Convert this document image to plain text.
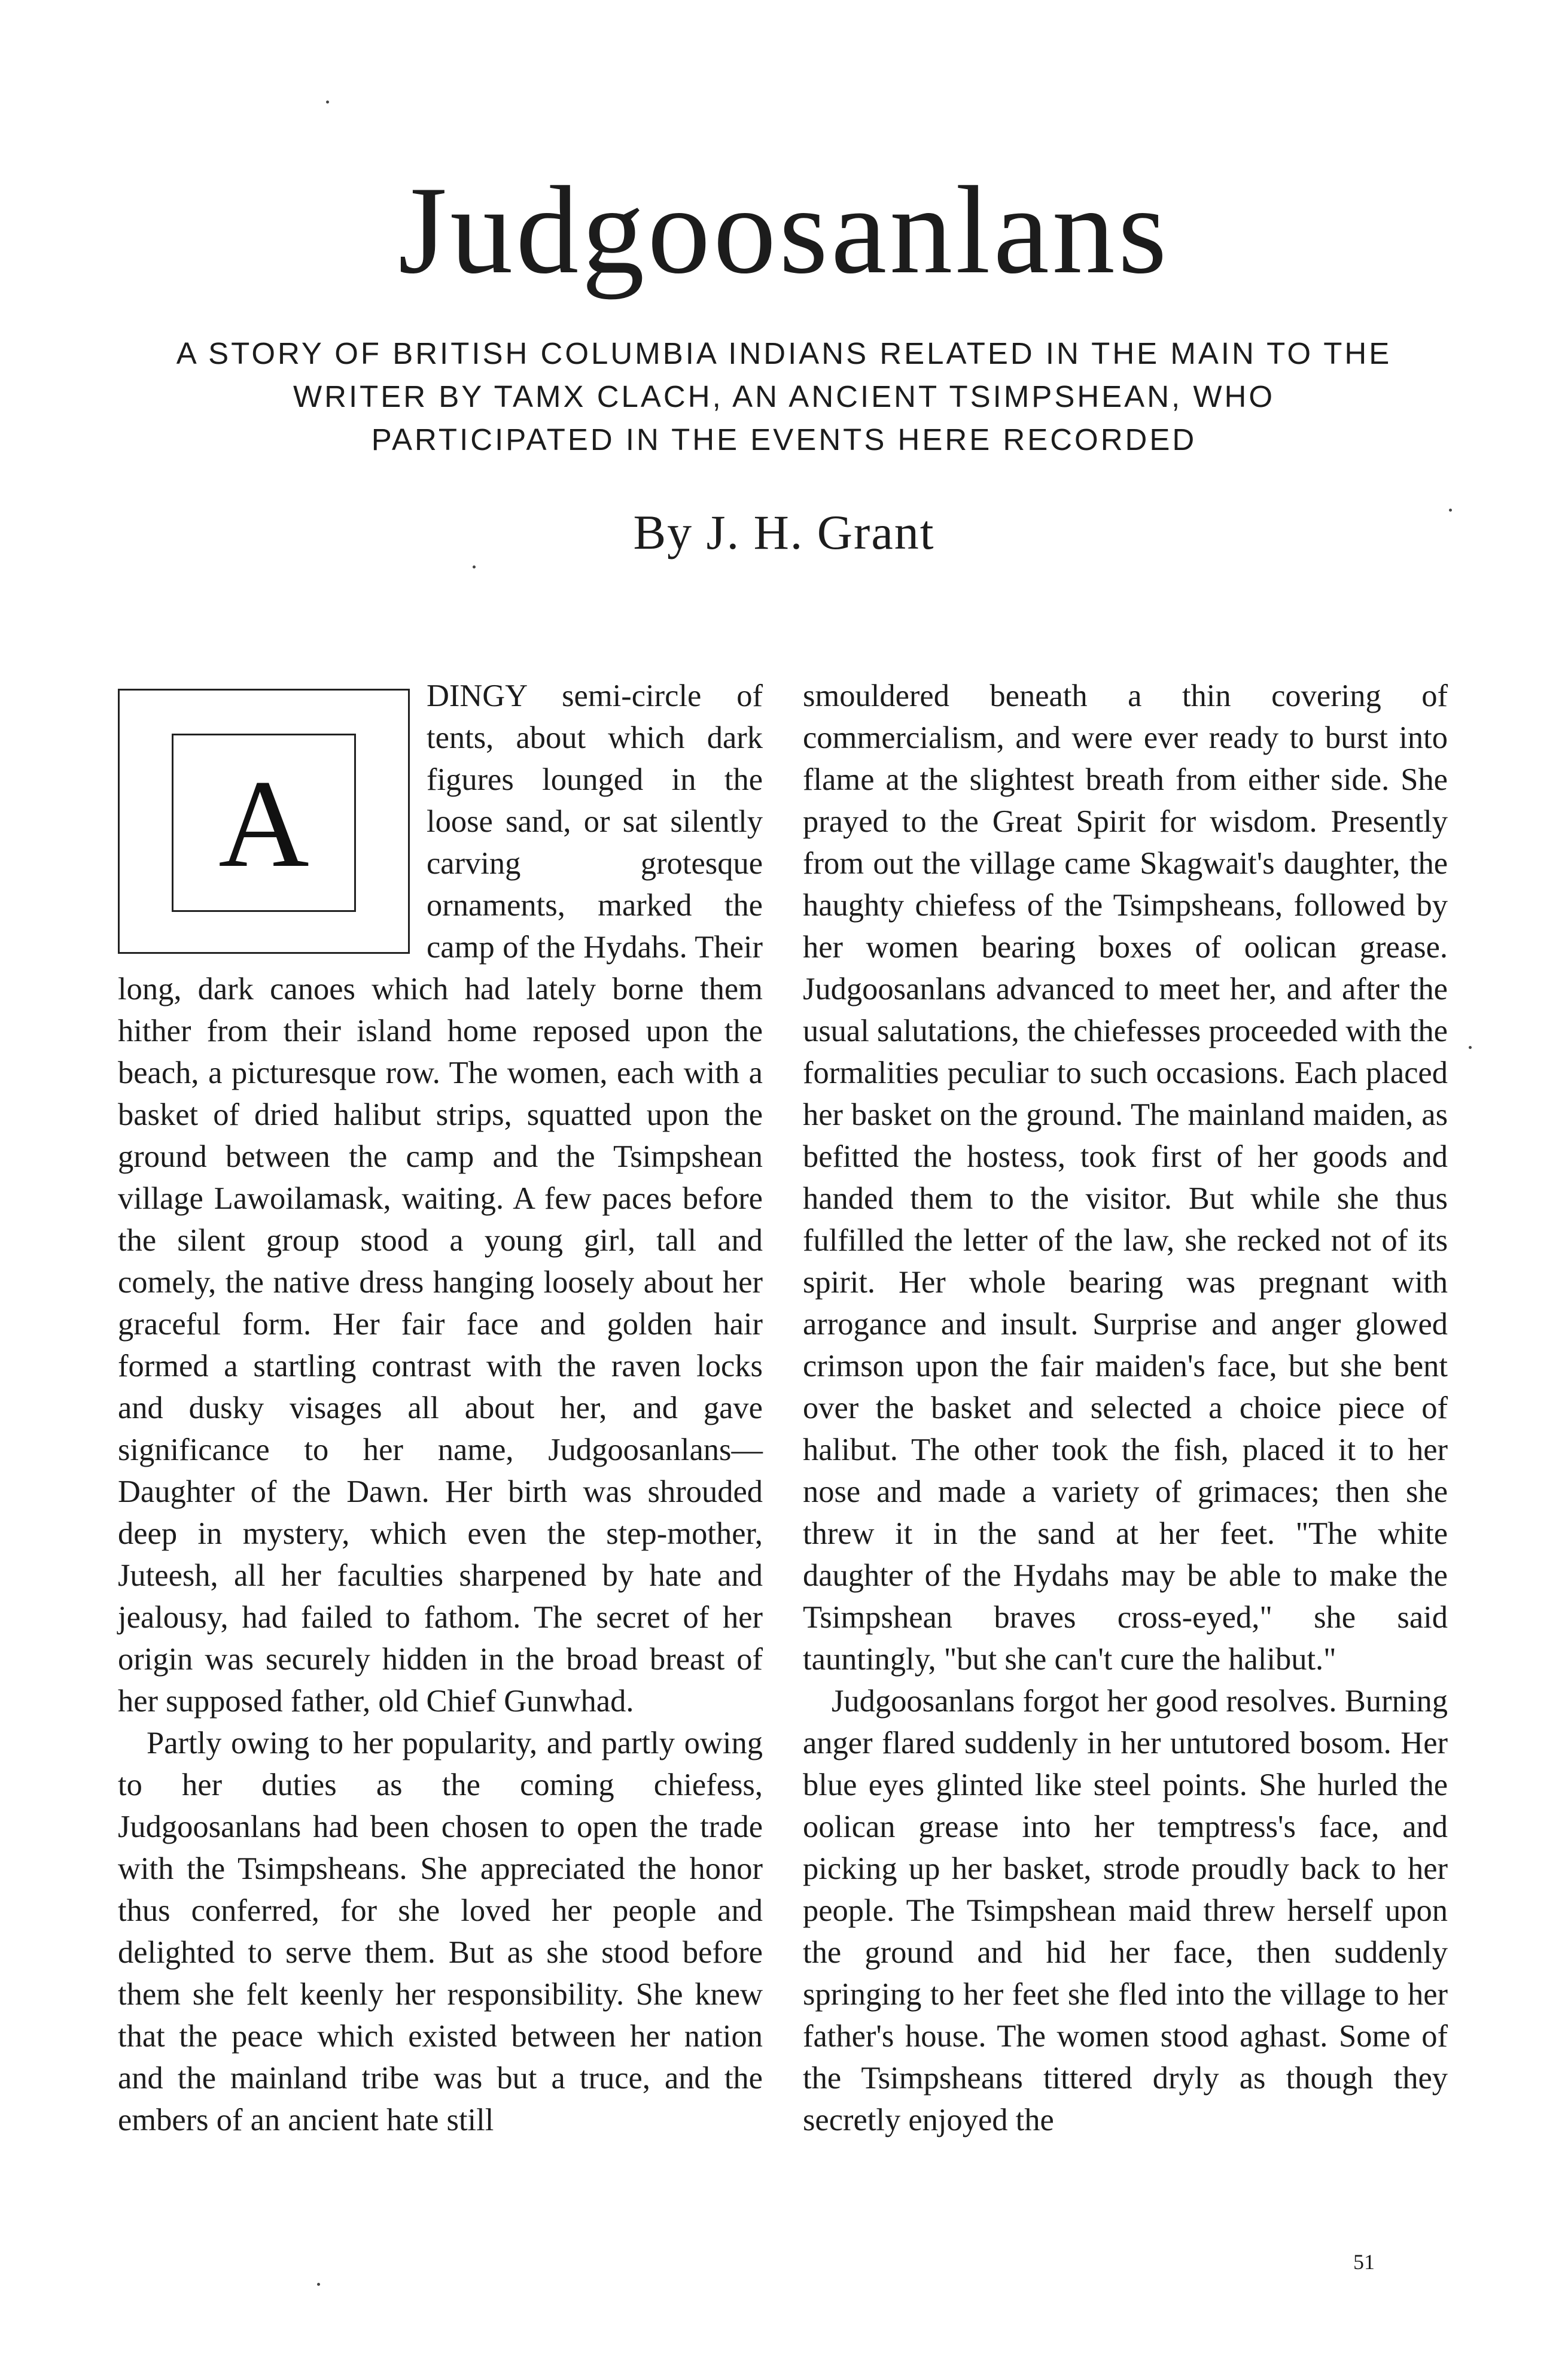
Judgoosanlans
A STORY OF BRITISH COLUMBIA INDIANS RELATED IN THE MAIN TO THE
WRITER BY TAMX CLACH, AN ANCIENT TSIMPSHEAN, WHO
PARTICIPATED IN THE EVENTS HERE RECORDED
By J. H. Grant
A

DINGY semi-circle of tents, about which dark figures lounged in the loose sand, or sat silently carving grotesque ornaments, marked the camp of the Hydahs. Their long, dark canoes which had lately borne them hither from their island home reposed upon the beach, a picturesque row. The women, each with a basket of dried halibut strips, squatted upon the ground between the camp and the Tsimpshean village Lawoilamask, waiting. A few paces before the silent group stood a young girl, tall and comely, the native dress hanging loosely about her graceful form. Her fair face and golden hair formed a startling contrast with the raven locks and dusky visages all about her, and gave significance to her name, Judgoosanlans—Daughter of the Dawn. Her birth was shrouded deep in mystery, which even the step-mother, Juteesh, all her faculties sharpened by hate and jealousy, had failed to fathom. The secret of her origin was securely hidden in the broad breast of her supposed father, old Chief Gunwhad.

Partly owing to her popularity, and partly owing to her duties as the coming chiefess, Judgoosanlans had been chosen to open the trade with the Tsimpsheans. She appreciated the honor thus conferred, for she loved her people and delighted to serve them. But as she stood before them she felt keenly her responsibility. She knew that the peace which existed between her nation and the mainland tribe was but a truce, and the embers of an ancient hate still

smouldered beneath a thin covering of commercialism, and were ever ready to burst into flame at the slightest breath from either side. She prayed to the Great Spirit for wisdom. Presently from out the village came Skagwait's daughter, the haughty chiefess of the Tsimpsheans, followed by her women bearing boxes of oolican grease. Judgoosanlans advanced to meet her, and after the usual salutations, the chiefesses proceeded with the formalities peculiar to such occasions. Each placed her basket on the ground. The mainland maiden, as befitted the hostess, took first of her goods and handed them to the visitor. But while she thus fulfilled the letter of the law, she recked not of its spirit. Her whole bearing was pregnant with arrogance and insult. Surprise and anger glowed crimson upon the fair maiden's face, but she bent over the basket and selected a choice piece of halibut. The other took the fish, placed it to her nose and made a variety of grimaces; then she threw it in the sand at her feet. "The white daughter of the Hydahs may be able to make the Tsimpshean braves cross-eyed," she said tauntingly, "but she can't cure the halibut."

Judgoosanlans forgot her good resolves. Burning anger flared suddenly in her untutored bosom. Her blue eyes glinted like steel points. She hurled the oolican grease into her temptress's face, and picking up her basket, strode proudly back to her people. The Tsimpshean maid threw herself upon the ground and hid her face, then suddenly springing to her feet she fled into the village to her father's house. The women stood aghast. Some of the Tsimpsheans tittered dryly as though they secretly enjoyed the

51
